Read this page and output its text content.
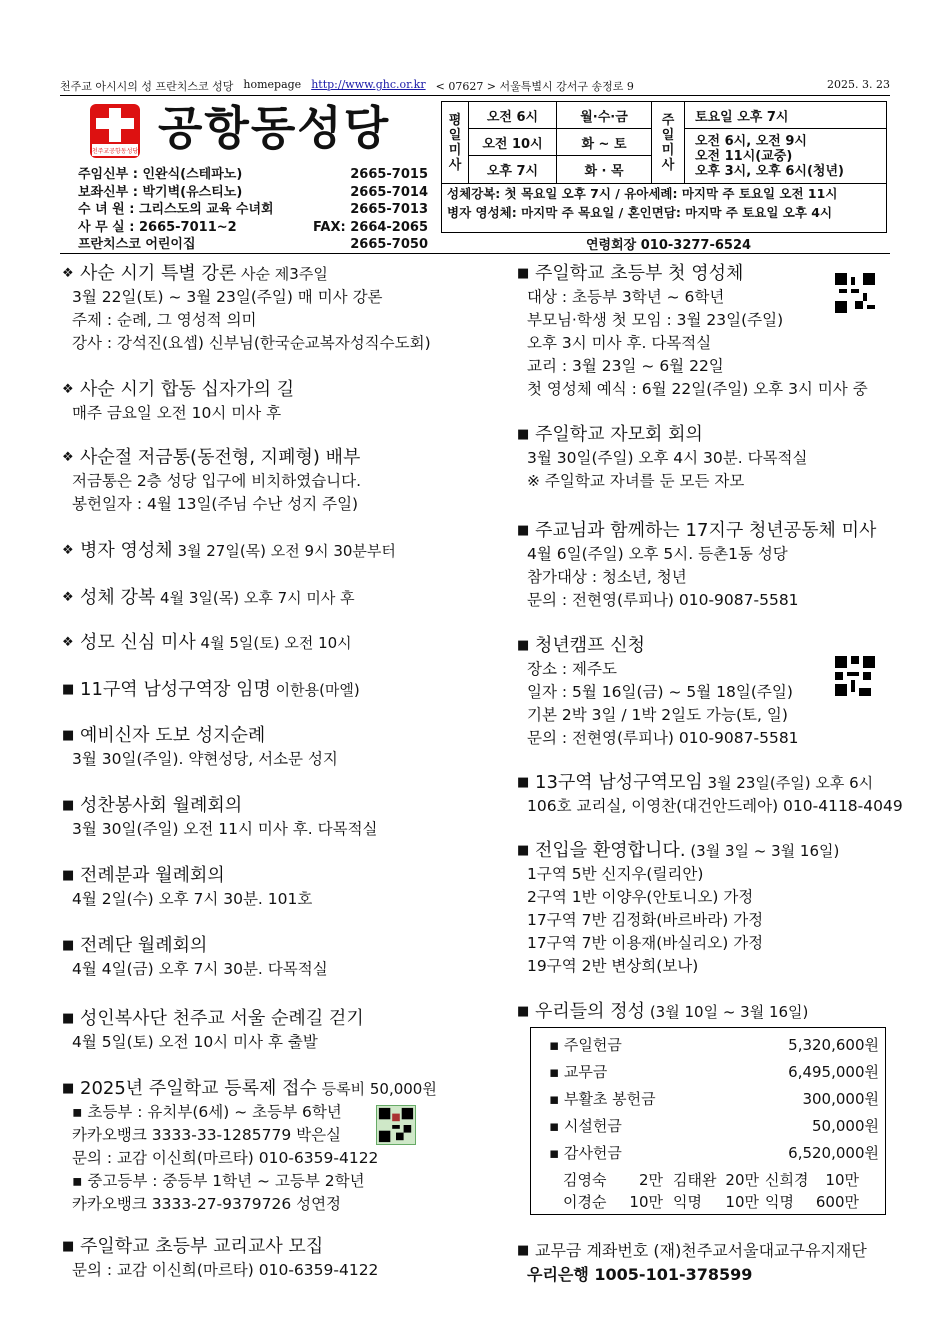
천주교 아시시의 성 프란치스코 성당 homepage http://www.ghc.or.kr < 07627 > 서울특별시 강서구 송정로 9	2025. 3. 23
천주교공항동성당 공항동성당
주임신부 : 인완식(스테파노)	2665-7015
보좌신부 : 박기벽(유스티노)	2665-7014
수 녀 원 : 그리스도의 교육 수녀회	2665-7013
사 무 실 : 2665-7011~2	FAX: 2664-2065
프란치스코 어린이집	2665-7050
평
일
미
사
오전 6시	월·수·금
오전 10시	화 ~ 토
오후 7시	화 · 목
주
일
미
사
토요일 오후 7시
오전 6시, 오전 9시
오전 11시(교중)
오후 3시, 오후 6시(청년)
성체강복: 첫 목요일 오후 7시 / 유아세례: 마지막 주 토요일 오전 11시
병자 영성체: 마지막 주 목요일 / 혼인면담: 마지막 주 토요일 오후 4시
연령회장 010-3277-6524
❖ 사순 시기 특별 강론 사순 제3주일
3월 22일(토) ~ 3월 23일(주일) 매 미사 강론
주제 : 순례, 그 영성적 의미
강사 : 강석진(요셉) 신부님(한국순교복자성직수도회)
❖ 사순 시기 합동 십자가의 길
매주 금요일 오전 10시 미사 후
❖ 사순절 저금통(동전형, 지폐형) 배부
저금통은 2층 성당 입구에 비치하였습니다.
봉헌일자 : 4월 13일(주님 수난 성지 주일)
❖ 병자 영성체 3월 27일(목) 오전 9시 30분부터
❖ 성체 강복 4월 3일(목) 오후 7시 미사 후
❖ 성모 신심 미사 4월 5일(토) 오전 10시
■ 11구역 남성구역장 임명 이한용(마엘)
■ 예비신자 도보 성지순례
3월 30일(주일). 약현성당, 서소문 성지
■ 성찬봉사회 월례회의
3월 30일(주일) 오전 11시 미사 후. 다목적실
■ 전례분과 월례회의
4월 2일(수) 오후 7시 30분. 101호
■ 전례단 월례회의
4월 4일(금) 오후 7시 30분. 다목적실
■ 성인복사단 천주교 서울 순례길 걷기
4월 5일(토) 오전 10시 미사 후 출발
■ 2025년 주일학교 등록제 접수 등록비 50,000원
▪ 초등부 : 유치부(6세) ~ 초등부 6학년
카카오뱅크 3333-33-1285779 박은실
문의 : 교감 이신희(마르타) 010-6359-4122
▪ 중고등부 : 중등부 1학년 ~ 고등부 2학년
카카오뱅크 3333-27-9379726 성연정
■ 주일학교 초등부 교리교사 모집
문의 : 교감 이신희(마르타) 010-6359-4122
■ 주일학교 초등부 첫 영성체
대상 : 초등부 3학년 ~ 6학년
부모님·학생 첫 모임 : 3월 23일(주일)
오후 3시 미사 후. 다목적실
교리 : 3월 23일 ~ 6월 22일
첫 영성체 예식 : 6월 22일(주일) 오후 3시 미사 중
■ 주일학교 자모회 회의
3월 30일(주일) 오후 4시 30분. 다목적실
※ 주일학교 자녀를 둔 모든 자모
■ 주교님과 함께하는 17지구 청년공동체 미사
4월 6일(주일) 오후 5시. 등촌1동 성당
참가대상 : 청소년, 청년
문의 : 전현영(루피나) 010-9087-5581
■ 청년캠프 신청
장소 : 제주도
일자 : 5월 16일(금) ~ 5월 18일(주일)
기본 2박 3일 / 1박 2일도 가능(토, 일)
문의 : 전현영(루피나) 010-9087-5581
■ 13구역 남성구역모임 3월 23일(주일) 오후 6시
106호 교리실, 이영찬(대건안드레아) 010-4118-4049
■ 전입을 환영합니다. (3월 3일 ~ 3월 16일)
1구역 5반 신지우(릴리안)
2구역 1반 이양우(안토니오) 가정
17구역 7반 김정화(바르바라) 가정
17구역 7반 이용재(바실리오) 가정
19구역 2반 변상희(보나)
■ 우리들의 정성 (3월 10일 ~ 3월 16일)
▪ 주일헌금	5,320,600원
▪ 교무금	6,495,000원
▪ 부활초 봉헌금	300,000원
▪ 시설헌금	50,000원
▪ 감사헌금	6,520,000원
김영숙	2만 김태완 20만 신희경	10만
이경순	10만 익명	10만 익명	600만
■ 교무금 계좌번호 (재)천주교서울대교구유지재단
우리은행 1005-101-378599
